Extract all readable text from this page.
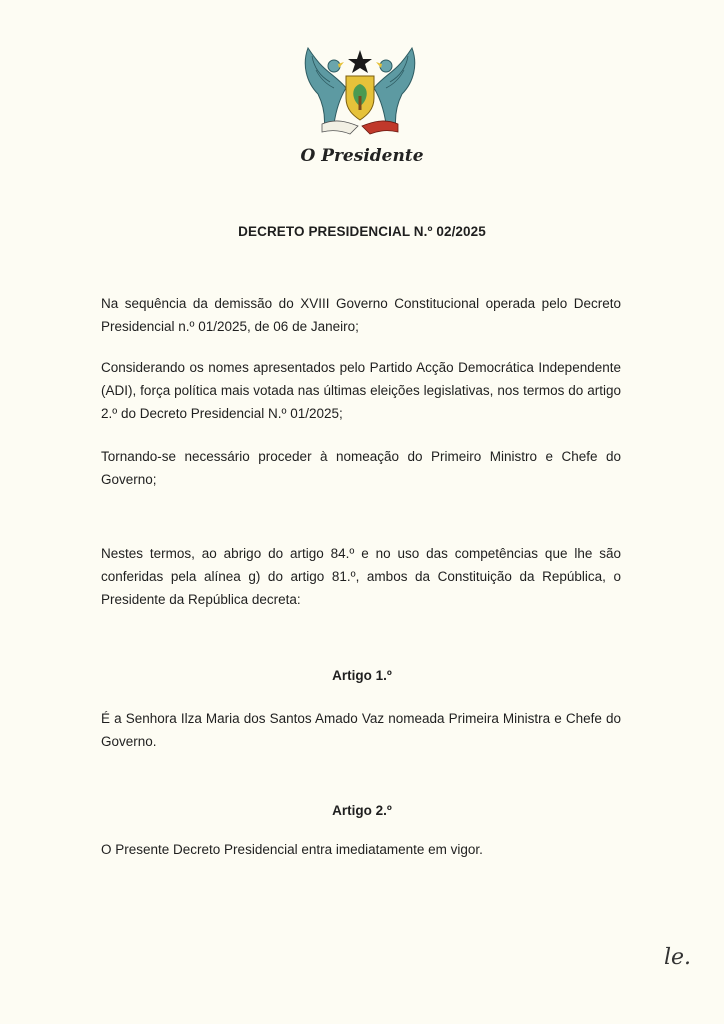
O Presidente
DECRETO PRESIDENCIAL N.º 02/2025

Na sequência da demissão do XVIII Governo Constitucional operada pelo Decreto Presidencial n.º 01/2025, de 06 de Janeiro;

Considerando os nomes apresentados pelo Partido Acção Democrática Independente (ADI), força política mais votada nas últimas eleições legislativas, nos termos do artigo 2.º do Decreto Presidencial N.º 01/2025;

Tornando-se necessário proceder à nomeação do Primeiro Ministro e Chefe do Governo;

Nestes termos, ao abrigo do artigo 84.º e no uso das competências que lhe são conferidas pela alínea g) do artigo 81.º, ambos da Constituição da República, o Presidente da República decreta:

Artigo 1.º

É a Senhora Ilza Maria dos Santos Amado Vaz nomeada Primeira Ministra e Chefe do Governo.

Artigo 2.º

O Presente Decreto Presidencial entra imediatamente em vigor.

le.
